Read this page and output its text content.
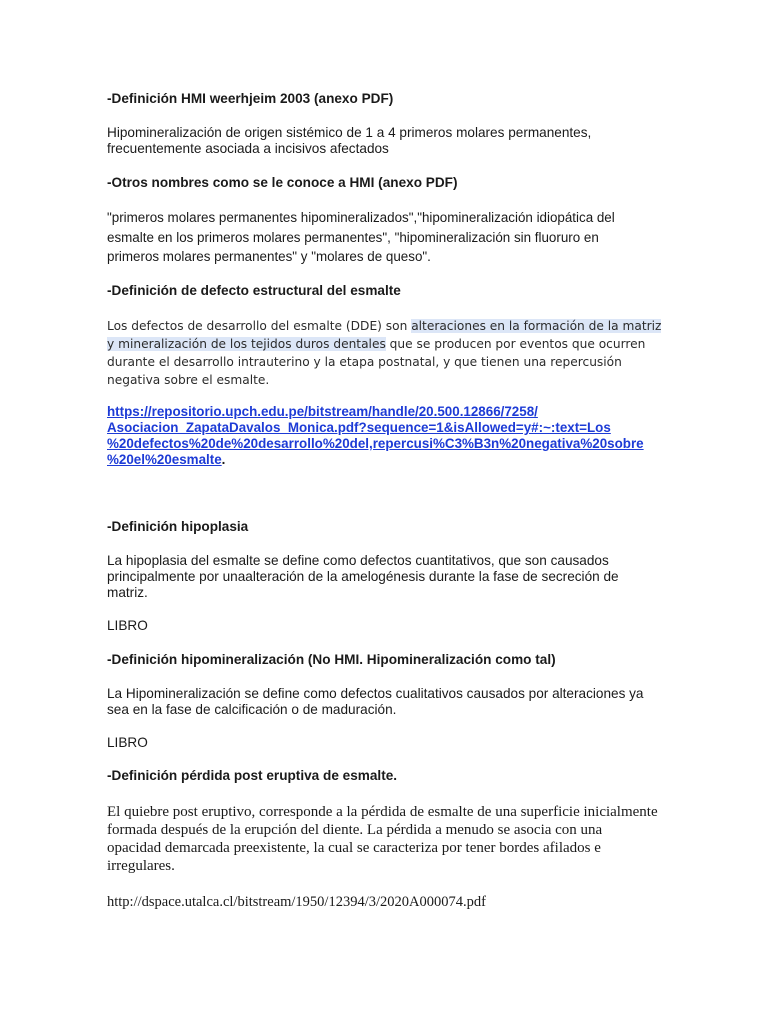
-Definición HMI weerhjeim 2003 (anexo PDF)

Hipomineralización de origen sistémico de 1 a 4 primeros molares permanentes,
frecuentemente asociada a incisivos afectados

-Otros nombres como se le conoce a HMI (anexo PDF)

"primeros molares permanentes hipomineralizados","hipomineralización idiopática del esmalte en los primeros molares permanentes", "hipomineralización sin fluoruro en primeros molares permanentes" y "molares de queso".

-Definición de defecto estructural del esmalte

Los defectos de desarrollo del esmalte (DDE) son alteraciones en la formación de la matriz y mineralización de los tejidos duros dentales que se producen por eventos que ocurren durante el desarrollo intrauterino y la etapa postnatal, y que tienen una repercusión negativa sobre el esmalte.

https://repositorio.upch.edu.pe/bitstream/handle/20.500.12866/7258/
Asociacion_ZapataDavalos_Monica.pdf?sequence=1&isAllowed=y#:~:text=Los
%20defectos%20de%20desarrollo%20del,repercusi%C3%B3n%20negativa%20sobre
%20el%20esmalte.

-Definición hipoplasia

La hipoplasia del esmalte se define como defectos cuantitativos, que son causados
principalmente por unaalteración de la amelogénesis durante la fase de secreción de
matriz.

LIBRO

-Definición hipomineralización (No HMI. Hipomineralización como tal)

La Hipomineralización se define como defectos cualitativos causados por alteraciones ya
sea en la fase de calcificación o de maduración.

LIBRO

-Definición pérdida post eruptiva de esmalte.

El quiebre post eruptivo, corresponde a la pérdida de esmalte de una superficie inicialmente
formada después de la erupción del diente. La pérdida a menudo se asocia con una
opacidad demarcada preexistente, la cual se caracteriza por tener bordes afilados e
irregulares.

http://dspace.utalca.cl/bitstream/1950/12394/3/2020A000074.pdf
